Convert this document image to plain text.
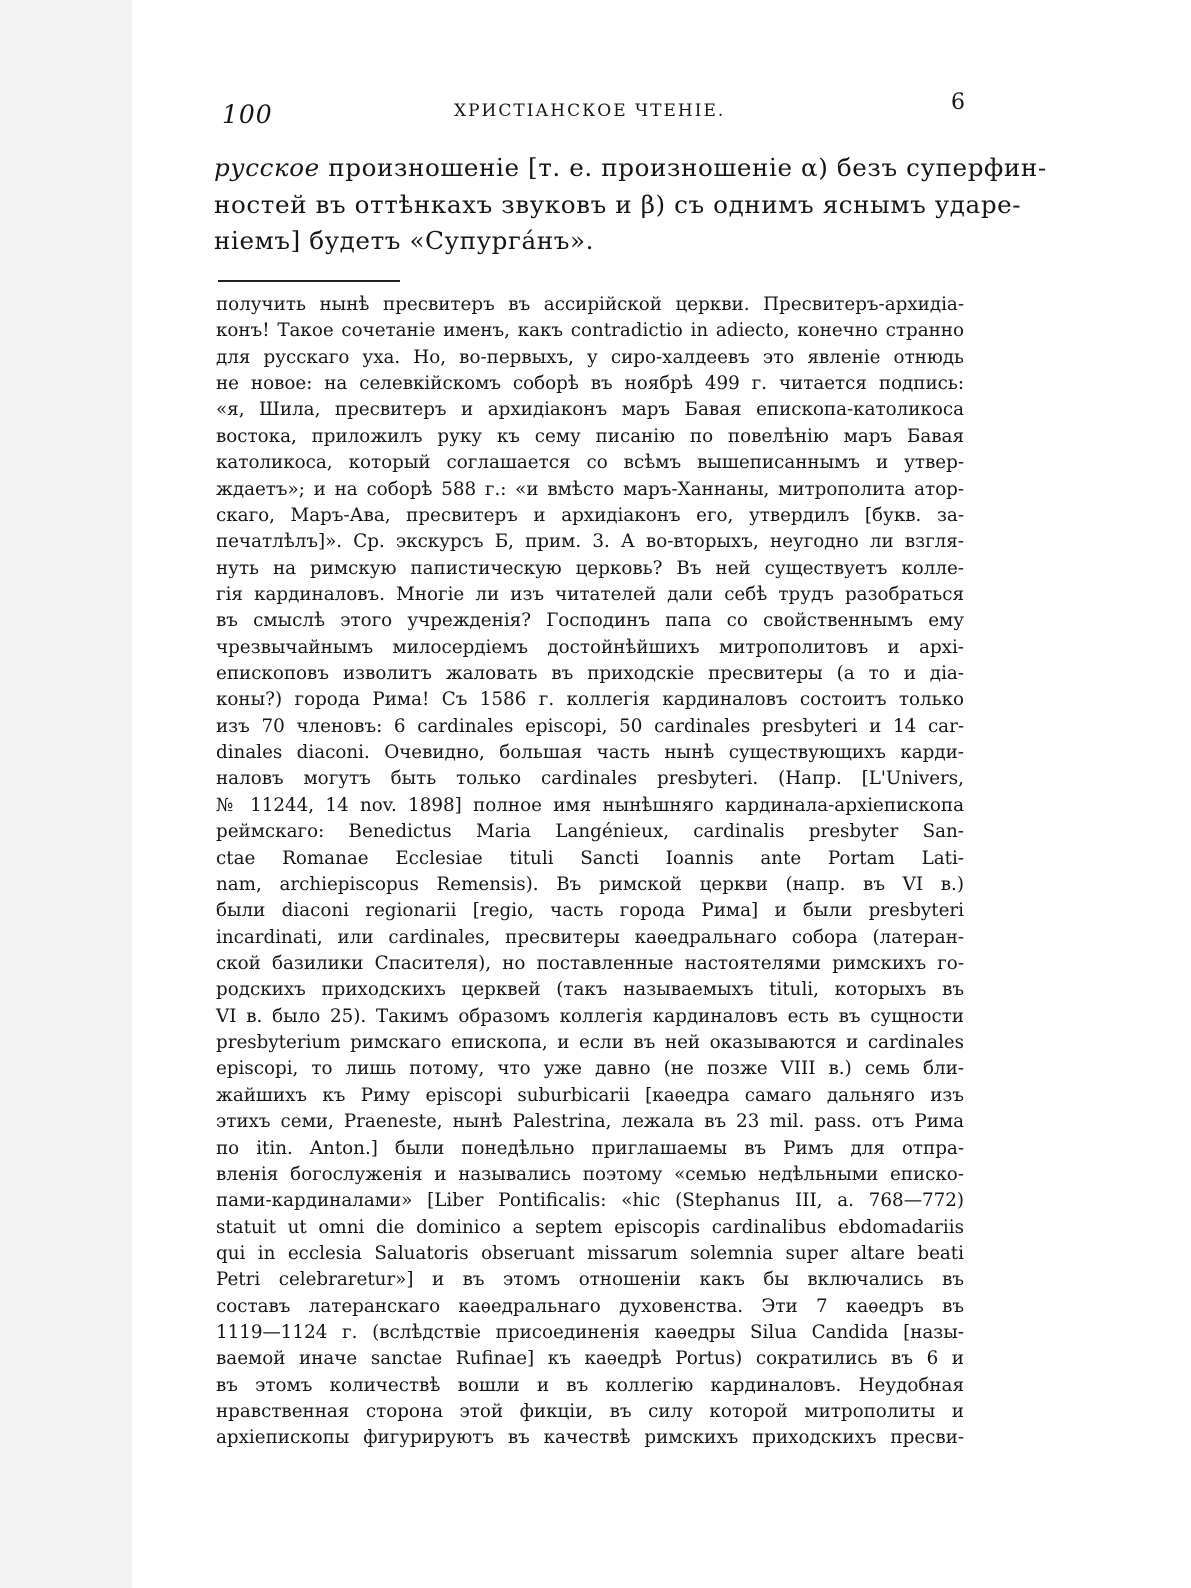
100	ХРИСТІАНСКОЕ ЧТЕНІЕ.	6

русское произношеніе [т. е. произношеніе α) безъ суперфин-
ностей въ оттѣнкахъ звуковъ и β) съ однимъ яснымъ ударе-
ніемъ] будетъ «Супургáнъ».

получить нынѣ пресвитеръ въ ассирійской церкви. Пресвитеръ-архидіа-
конъ! Такое сочетаніе именъ, какъ contradictio in adiecto, конечно странно
для русскаго уха. Но, во-первыхъ, у сиро-халдеевъ это явленіе отнюдь
не новое: на селевкійскомъ соборѣ въ ноябрѣ 499 г. читается подпись:
«я, Шила, пресвитеръ и архидіаконъ маръ Бавая епископа-католикоса
востока, приложилъ руку къ сему писанію по повелѣнію маръ Бавая
католикоса, который соглашается со всѣмъ вышеписаннымъ и утвер-
ждаетъ»; и на соборѣ 588 г.: «и вмѣсто маръ-Ханнаны, митрополита атор-
скаго, Маръ-Ава, пресвитеръ и архидіаконъ его, утвердилъ [букв. за-
печатлѣлъ]». Ср. экскурсъ Б, прим. 3. А во-вторыхъ, неугодно ли взгля-
нуть на римскую папистическую церковь? Въ ней существуетъ колле-
гія кардиналовъ. Многіе ли изъ читателей дали себѣ трудъ разобраться
въ смыслѣ этого учрежденія? Господинъ папа со свойственнымъ ему
чрезвычайнымъ милосердіемъ достойнѣйшихъ митрополитовъ и архі-
епископовъ изволитъ жаловать въ приходскіе пресвитеры (а то и діа-
коны?) города Рима! Съ 1586 г. коллегія кардиналовъ состоитъ только
изъ 70 членовъ: 6 cardinales episcopi, 50 cardinales presbyteri и 14 car-
dinales diaconi. Очевидно, большая часть нынѣ существующихъ карди-
наловъ могутъ быть только cardinales presbyteri. (Напр. [L'Univers,
№ 11244, 14 nov. 1898] полное имя нынѣшняго кардинала-архіепископа
реймскаго: Benedictus Maria Langénieux, cardinalis presbyter San-
ctae Romanae Ecclesiae tituli Sancti Ioannis ante Portam Lati-
nam, archiepiscopus Remensis). Въ римской церкви (напр. въ VI в.)
были diaconi regionarii [regio, часть города Рима] и были presbyteri
incardinati, или cardinales, пресвитеры каѳедральнаго собора (латеран-
ской базилики Спасителя), но поставленные настоятелями римскихъ го-
родскихъ приходскихъ церквей (такъ называемыхъ tituli, которыхъ въ
VI в. было 25). Такимъ образомъ коллегія кардиналовъ есть въ сущности
presbyterium римскаго епископа, и если въ ней оказываются и cardinales
episcopi, то лишь потому, что уже давно (не позже VIII в.) семь бли-
жайшихъ къ Риму episcopi suburbicarii [каѳедра самаго дальняго изъ
этихъ семи, Praeneste, нынѣ Palestrina, лежала въ 23 mil. pass. отъ Рима
по itin. Anton.] были понедѣльно приглашаемы въ Римъ для отпра-
вленія богослуженія и назывались поэтому «семью недѣльными еписко-
пами-кардиналами» [Liber Pontificalis: «hic (Stephanus III, a. 768—772)
statuit ut omni die dominico a septem episcopis cardinalibus ebdomadariis
qui in ecclesia Saluatoris obseruant missarum solemnia super altare beati
Petri celebraretur»] и въ этомъ отношеніи какъ бы включались въ
составъ латеранскаго каѳедральнаго духовенства. Эти 7 каѳедръ въ
1119—1124 г. (вслѣдствіе присоединенія каѳедры Silua Candida [назы-
ваемой иначе sanctae Rufinae] къ каѳедрѣ Portus) сократились въ 6 и
въ этомъ количествѣ вошли и въ коллегію кардиналовъ. Неудобная
нравственная сторона этой фикціи, въ силу которой митрополиты и
архіепископы фигурируютъ въ качествѣ римскихъ приходскихъ пресви-
